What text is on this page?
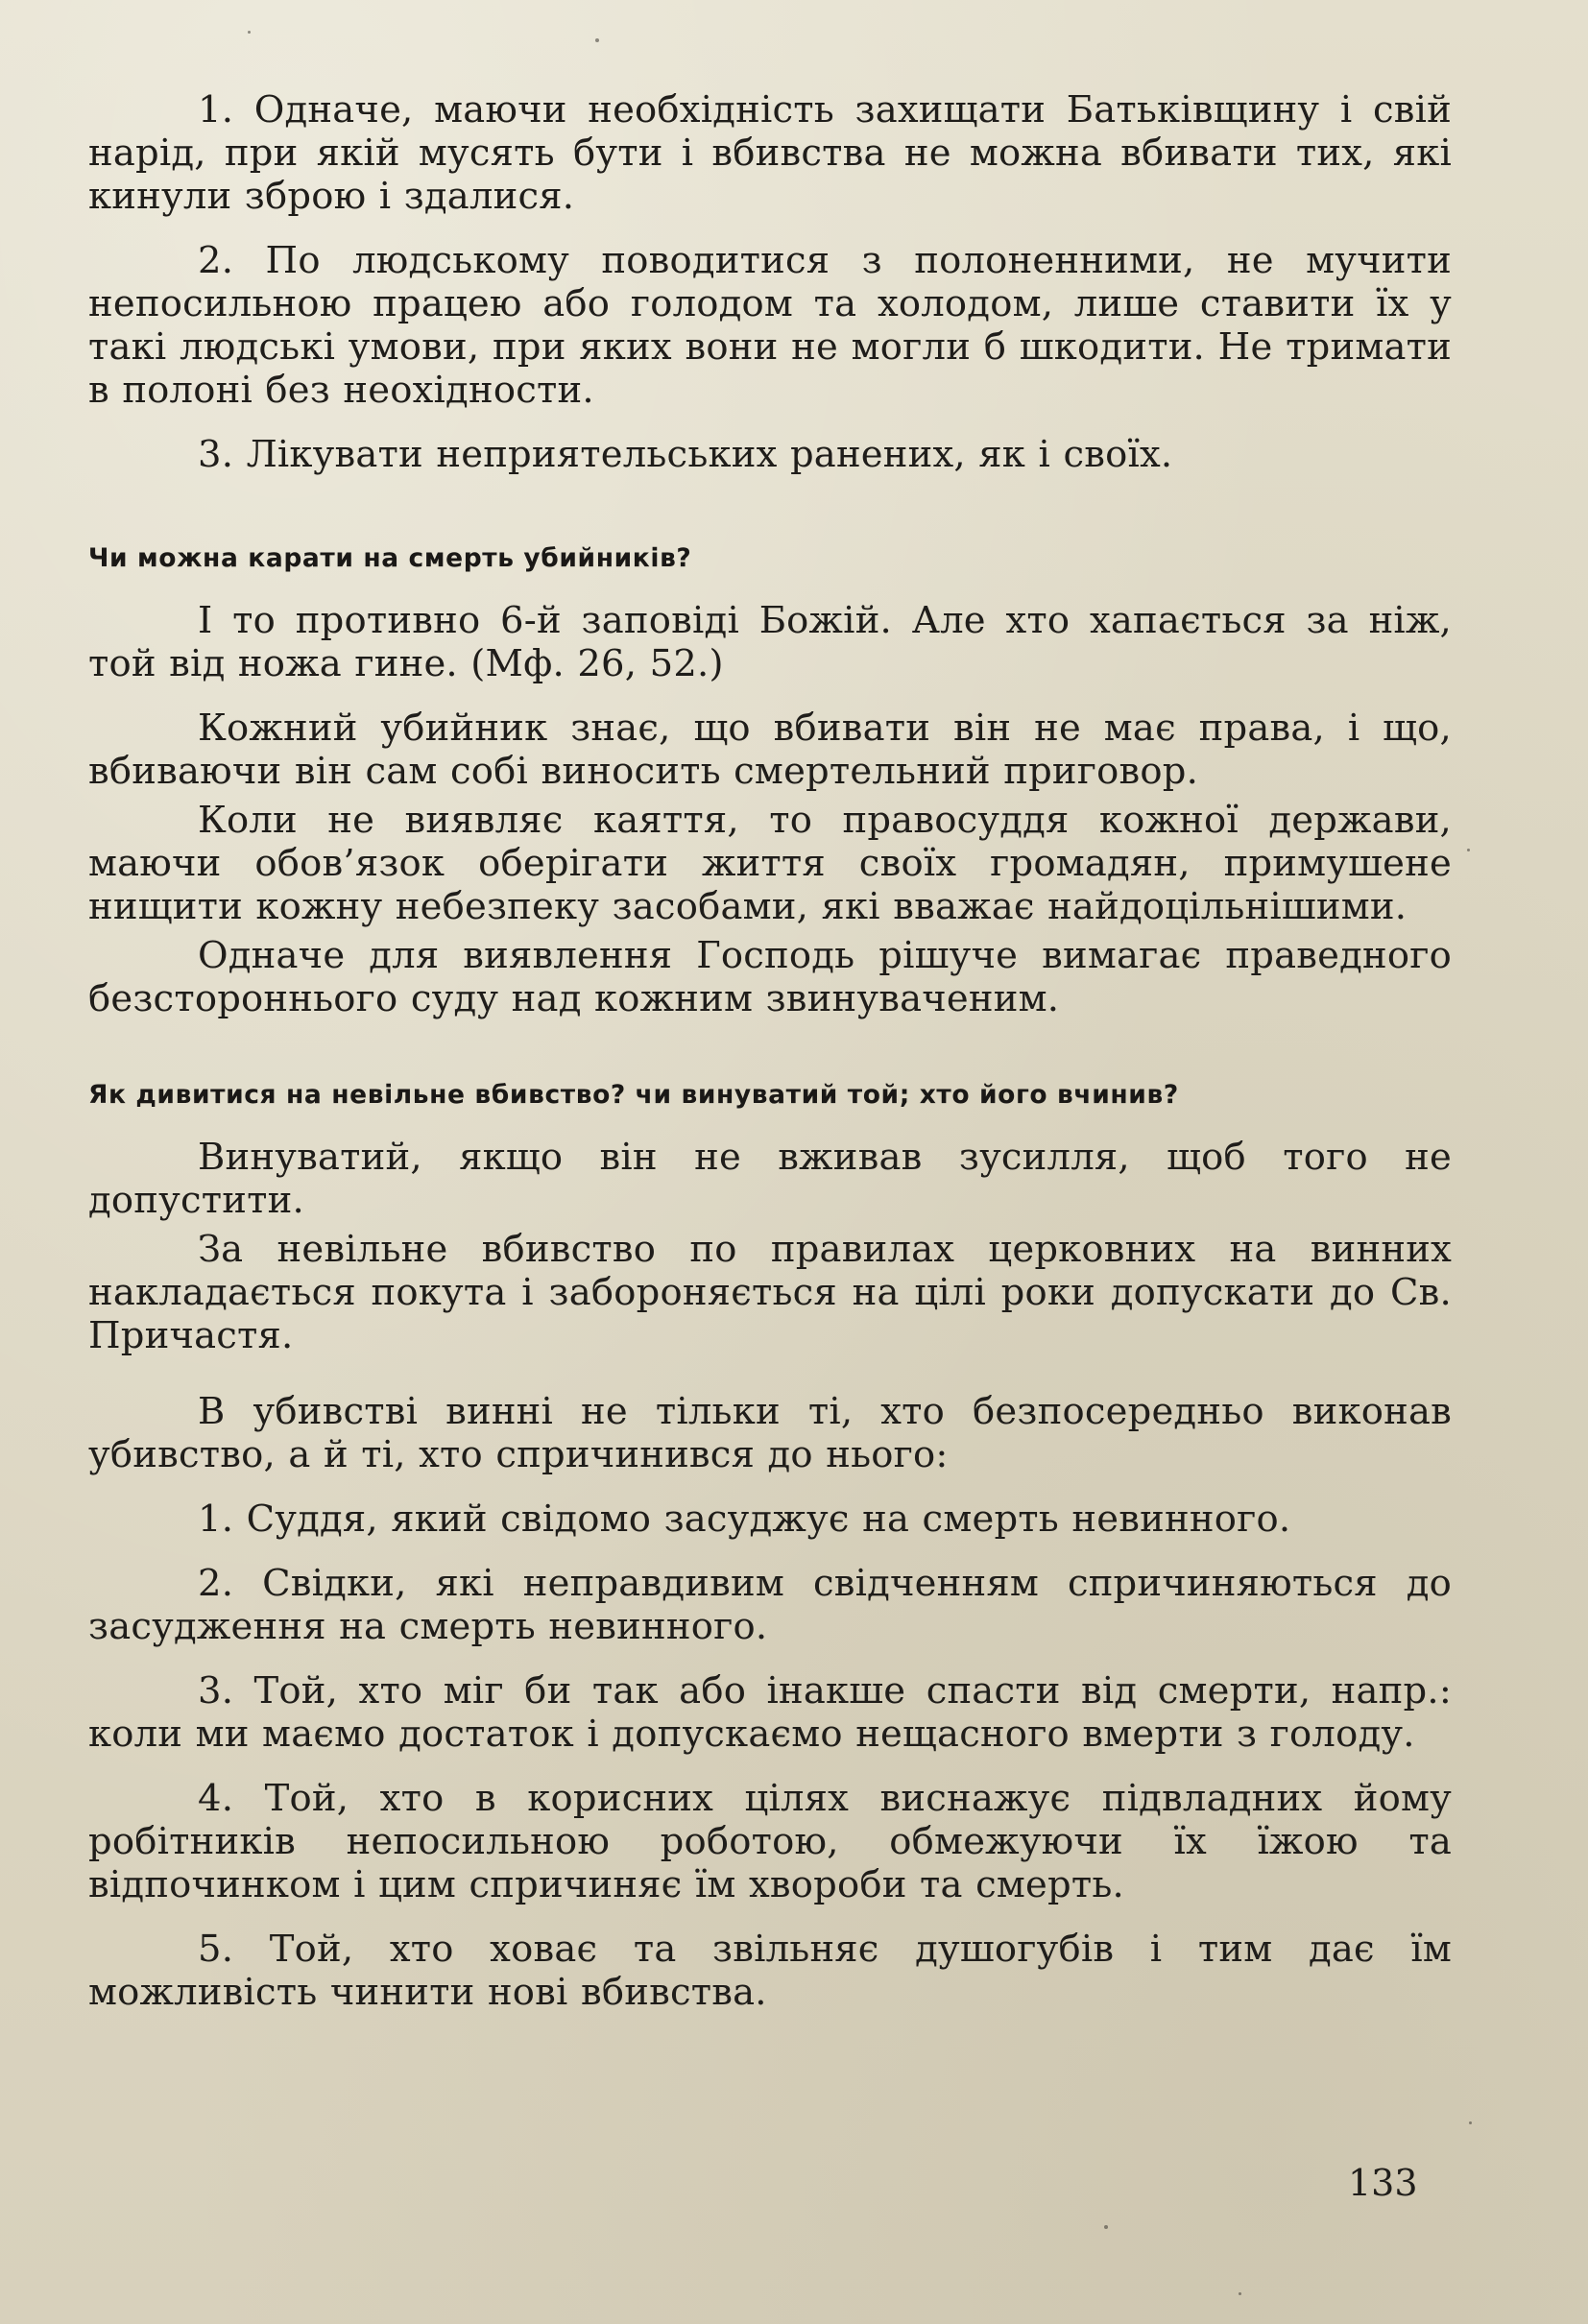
1. Одначе, маючи необхідність захищати Батьківщину і свій нарід, при якій мусять бути і вбивства не можна вбивати тих, які кинули зброю і здалися.

2. По людському поводитися з полоненними, не мучити непосильною працею або голодом та холодом, лише ставити їх у такі людські умови, при яких вони не могли б шкодити. Не тримати в полоні без неохідности.

3. Лікувати неприятельських ранених, як і своїх.

Чи можна карати на смерть убийників?

І то противно 6-й заповіді Божій. Але хто хапається за ніж, той від ножа гине. (Мф. 26, 52.)

Кожний убийник знає, що вбивати він не має права, і що, вбиваючи він сам собі виносить смертельний приговор.

Коли не виявляє каяття, то правосуддя кожної держави, маючи обов’язок оберігати життя своїх громадян, примушене нищити кожну небезпеку засобами, які вважає найдоцільнішими.

Одначе для виявлення Господь рішуче вимагає праведного безстороннього суду над кожним звинуваченим.

Як дивитися на невільне вбивство? чи винуватий той; хто його вчинив?

Винуватий, якщо він не вживав зусилля, щоб того не допустити.

За невільне вбивство по правилах церковних на винних накладається покута і забороняється на цілі роки допускати до Св. Причастя.

В убивстві винні не тільки ті, хто безпосередньо виконав убивство, а й ті, хто спричинився до нього:

1. Суддя, який свідомо засуджує на смерть невинного.

2. Свідки, які неправдивим свідченням спричиняються до засудження на смерть невинного.

3. Той, хто міг би так або інакше спасти від смерти, напр.: коли ми маємо достаток і допускаємо нещасного вмерти з голоду.

4. Той, хто в корисних цілях виснажує підвладних йому робітників непосильною роботою, обмежуючи їх їжою та відпочинком і цим спричиняє їм хвороби та смерть.

5. Той, хто ховає та звільняє душогубів і тим дає їм можливість чинити нові вбивства.

133
